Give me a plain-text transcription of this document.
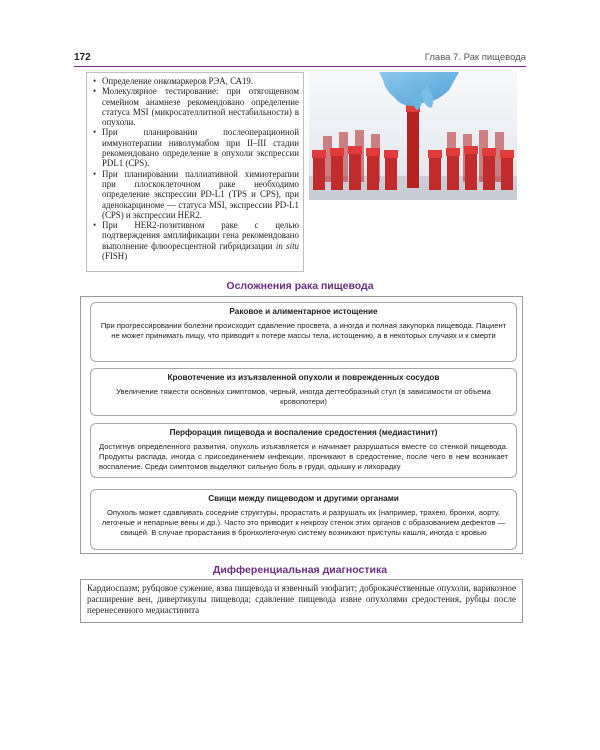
172	Глава 7. Рак пищевода
• Определение онкомаркеров РЭА, СА19.
• Молекулярное тестирование: при отягощенном семейном анамнезе рекомендовано определение статуса MSI (микросателлитной нестабильности) в опухоли.
• При планировании послеоперационной иммунотерапии ниволумабом при II–III стадии рекомендовано определение в опухоли экспрессии PDL1 (CPS).
• При планировании паллиативной химиотерапии при плоскоклеточном раке необходимо определение экспрессии PD-L1 (TPS и CPS), при аденокарциноме — статуса MSI, экспрессии PD-L1 (CPS) и экспрессии HER2.
• При HER2-позитивном раке с целью подтверждения амплификации гена рекомендовано выполнение флюоресцентной гибридизации in situ (FISH)
Осложнения рака пищевода
Раковое и алиментарное истощение
При прогрессировании болезни происходит сдавление просвета, а иногда и полная закупорка пищевода. Пациент не может принимать пищу, что приводит к потере массы тела, истощению, а в некоторых случаях и к смерти
Кровотечение из изъязвленной опухоли и поврежденных сосудов
Увеличение тяжести основных симптомов, черный, иногда дегтеобразный стул (в зависимости от объема кровопотери)
Перфорация пищевода и воспаление средостения (медиастинит)
Достигнув определенного развития, опухоль изъязвляется и начинает разрушаться вместе со стенкой пищевода. Продукты распада, иногда с присоединением инфекции, проникают в средостение, после чего в нем возникает воспаление. Среди симптомов выделяют сильную боль в груди, одышку и лихорадку
Свищи между пищеводом и другими органами
Опухоль может сдавливать соседние структуры, прорастать и разрушать их (например, трахею, бронхи, аорту, легочные и непарные вены и др.). Часто это приводит к некрозу стенок этих органов с образованием дефектов — свищей. В случае прорастания в бронхолегочную систему возникают приступы кашля, иногда с кровью
Дифференциальная диагностика
Кардиоспазм; рубцовое сужение, язва пищевода и язвенный эзофагит; доброкачественные опухоли, варикозное расширение вен, дивертикулы пищевода; сдавление пищевода извне опухолями средостения, рубцы после перенесенного медиастинита
